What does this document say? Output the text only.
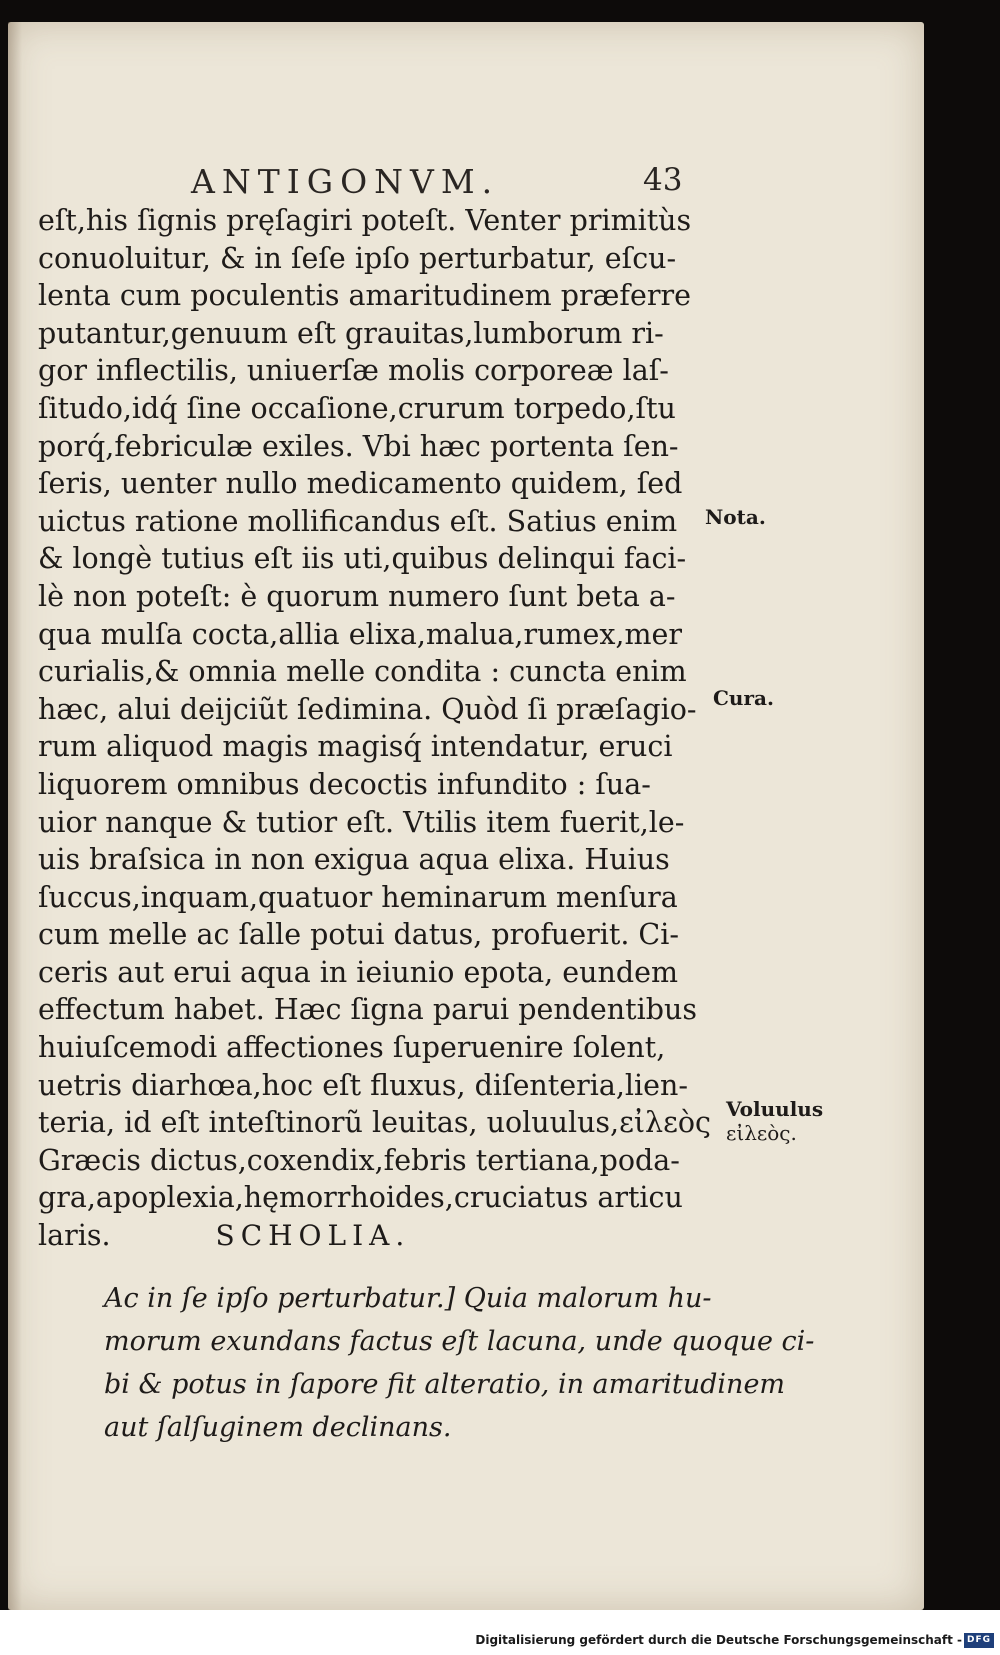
ANTIGONVM.	43
eſt,his ſignis pręſagiri poteſt. Venter primitùs
conuoluitur, & in ſeſe ipſo perturbatur, eſcu-
lenta cum poculentis amaritudinem præferre
putantur,genuum eſt grauitas,lumborum ri-
gor inflectilis, uniuerſæ molis corporeæ laſ-
ſitudo,idq́ ſine occaſione,crurum torpedo,ſtu
porq́,febriculæ exiles. Vbi hæc portenta ſen-
ſeris, uenter nullo medicamento quidem, ſed
uictus ratione mollificandus eſt. Satius enim
& longè tutius eſt iis uti,quibus delinqui faci-
lè non poteſt: è quorum numero ſunt beta a-
qua mulſa cocta,allia elixa,malua,rumex,mer
curialis,& omnia melle condita : cuncta enim
hæc, alui deijciũt ſedimina. Quòd ſi præſagio-
rum aliquod magis magisq́ intendatur, eruci
liquorem omnibus decoctis infundito : ſua-
uior nanque & tutior eſt. Vtilis item fuerit,le-
uis braſsica in non exigua aqua elixa. Huius
ſuccus,inquam,quatuor heminarum menſura
cum melle ac ſalle potui datus, profuerit. Ci-
ceris aut erui aqua in ieiunio epota, eundem
effectum habet. Hæc ſigna parui pendentibus
huiuſcemodi affectiones ſuperuenire ſolent,
uetris diarhœa,hoc eſt fluxus, diſenteria,lien-
teria, id eſt inteſtinorũ leuitas, uoluulus,εἰλεὸς
Græcis dictus,coxendix,febris tertiana,poda-
gra,apoplexia,hęmorrhoides,cruciatus articu
laris.	SCHOLIA.
Nota.
Cura.
Voluulus
εἰλεὸς.
Ac in ſe ipſo perturbatur.] Quia malorum hu-
morum exundans factus eſt lacuna, unde quoque ci-
bi & potus in ſapore fit alteratio, in amaritudinem
aut ſalſuginem declinans.
Digitalisierung gefördert durch die Deutsche Forschungsgemeinschaft - DFG
